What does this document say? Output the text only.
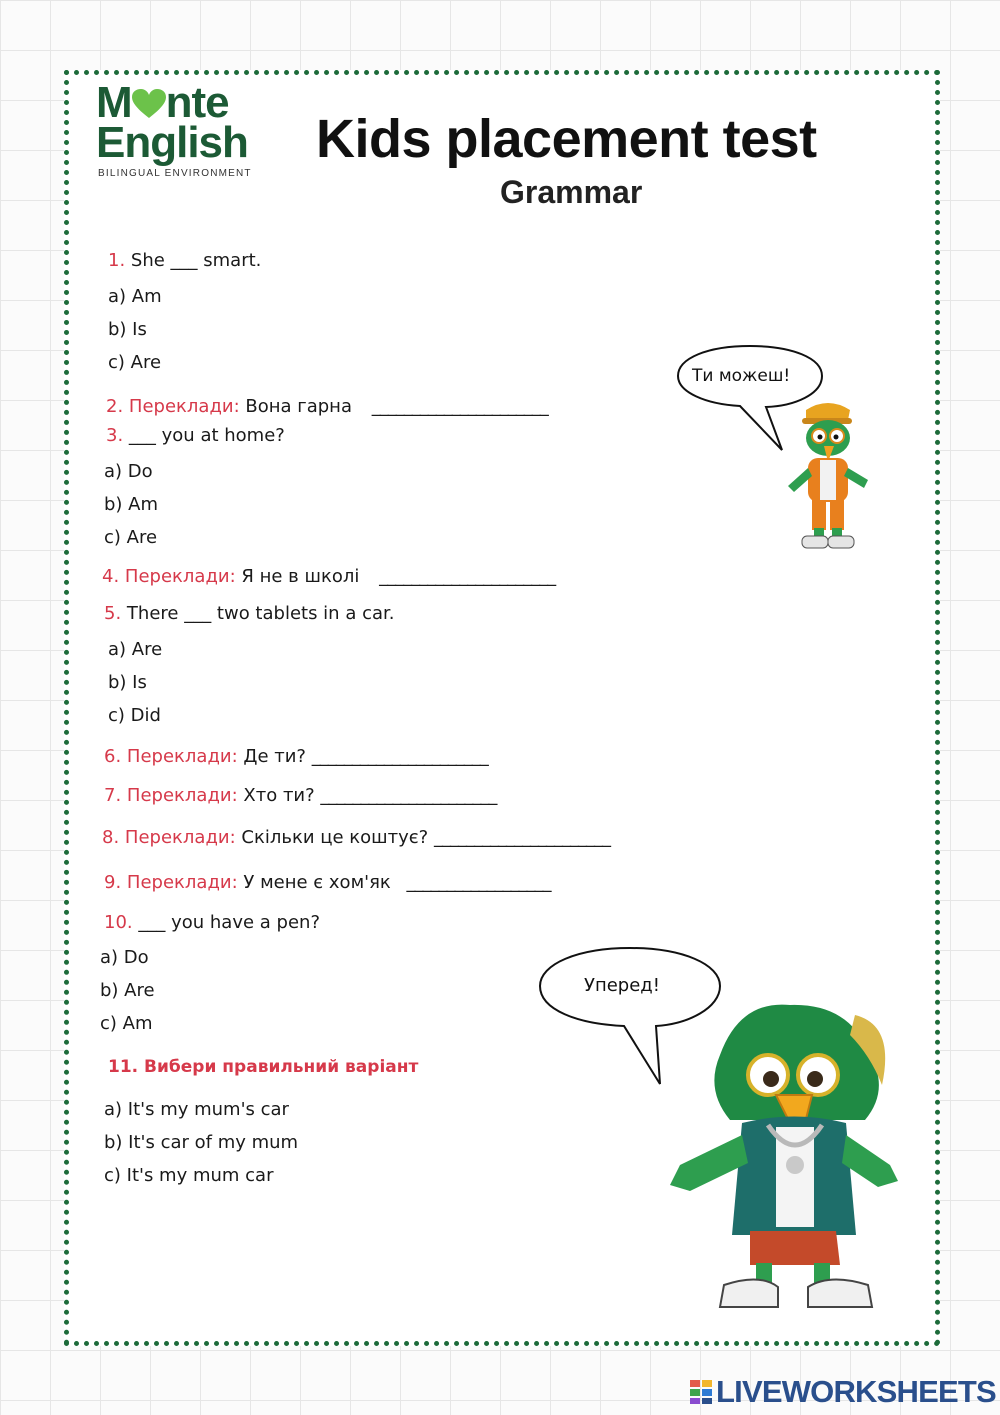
M nte
English
BILINGUAL ENVIRONMENT
Kids placement test
Grammar
1. She ___ smart.
a) Am
b) Is
c) Are
2. Переклади: Вона гарна ______________________
3. ___ you at home?
a) Do
b) Am
c) Are
4. Переклади: Я не в школі ______________________
5. There ___ two tablets in a car.
a) Are
b) Is
c) Did
6. Переклади: Де ти? ______________________
7. Переклади: Хто ти? ______________________
8. Переклади: Скільки це коштує? ______________________
9. Переклади: У мене є хом'як __________________
10. ___ you have a pen?
a) Do
b) Are
c) Am
11. Вибери правильний варіант
a) It's my mum's car
b) It's car of my mum
c) It's my mum car
Ти можеш!
Уперед!
LIVEWORKSHEETS
